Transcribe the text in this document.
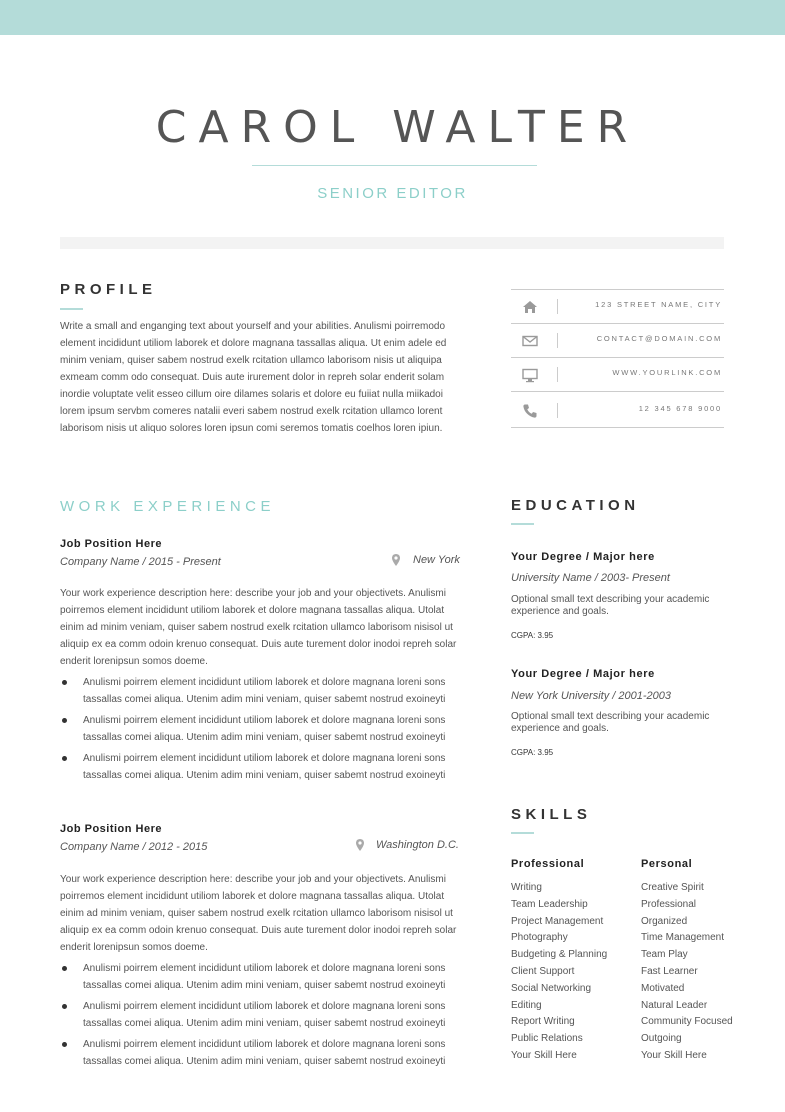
CAROL WALTER
SENIOR EDITOR
PROFILE

Write a small and enganging text about yourself and your abilities. Anulismi poirremodo element incididunt utiliom laborek et dolore magnana tassallas aliqua. Ut enim adele ed minim veniam, quiser sabem nostrud exelk rcitation ullamco laborisom nisis ut aliquipa exmeam comm odo consequat. Duis aute irurement dolor in repreh solar enderit solam inordie voluptate velit esseo cillum oire dilames solaris et dolore eu fuiiat nulla miikadoi lorem ipsum servbm comeres natalii everi sabem nostrud exelk rcitation ullamco lorent laborisom nisis ut aliquo solores loren ipsun comi seremos tomatis coelhos loren ipiun.

123 STREET NAME, CITY
CONTACT@DOMAIN.COM
WWW.YOURLINK.COM
12 345 678 9000
WORK EXPERIENCE
Job Position Here
Company Name / 2015 - Present	New York

Your work experience description here: describe your job and your objectivets. Anulismi poirremos element incididunt utiliom laborek et dolore magnana tassallas aliqua. Utolat einim ad minim veniam, quiser sabem nostrud exelk rcitation ullamco laborisom nisisol ut aliquip ex ea comm odoin krenuo consequat. Duis aute turement dolor inodoi repreh solar enderit lorenipsun somos doeme.

Anulismi poirrem element incididunt utiliom laborek et dolore magnana loreni sons tassallas comei aliqua. Utenim adim mini veniam, quiser sabemt nostrud exoineyti
Anulismi poirrem element incididunt utiliom laborek et dolore magnana loreni sons tassallas comei aliqua. Utenim adim mini veniam, quiser sabemt nostrud exoineyti
Anulismi poirrem element incididunt utiliom laborek et dolore magnana loreni sons tassallas comei aliqua. Utenim adim mini veniam, quiser sabemt nostrud exoineyti
Job Position Here
Company Name / 2012 - 2015	Washington D.C.

Your work experience description here: describe your job and your objectivets. Anulismi poirremos element incididunt utiliom laborek et dolore magnana tassallas aliqua. Utolat einim ad minim veniam, quiser sabem nostrud exelk rcitation ullamco laborisom nisisol ut aliquip ex ea comm odoin krenuo consequat. Duis aute turement dolor inodoi repreh solar enderit lorenipsun somos doeme.

Anulismi poirrem element incididunt utiliom laborek et dolore magnana loreni sons tassallas comei aliqua. Utenim adim mini veniam, quiser sabemt nostrud exoineyti
Anulismi poirrem element incididunt utiliom laborek et dolore magnana loreni sons tassallas comei aliqua. Utenim adim mini veniam, quiser sabemt nostrud exoineyti
Anulismi poirrem element incididunt utiliom laborek et dolore magnana loreni sons tassallas comei aliqua. Utenim adim mini veniam, quiser sabemt nostrud exoineyti
EDUCATION
Your Degree / Major here
University Name / 2003- Present
Optional small text describing your academic experience and goals.
CGPA: 3.95
Your Degree / Major here
New York University / 2001-2003
Optional small text describing your academic experience and goals.
CGPA: 3.95
SKILLS
Professional
Writing
Team Leadership
Project Management
Photography
Budgeting & Planning
Client Support
Social Networking
Editing
Report Writing
Public Relations
Your Skill Here
Personal
Creative Spirit
Professional
Organized
Time Management
Team Play
Fast Learner
Motivated
Natural Leader
Community Focused
Outgoing
Your Skill Here
